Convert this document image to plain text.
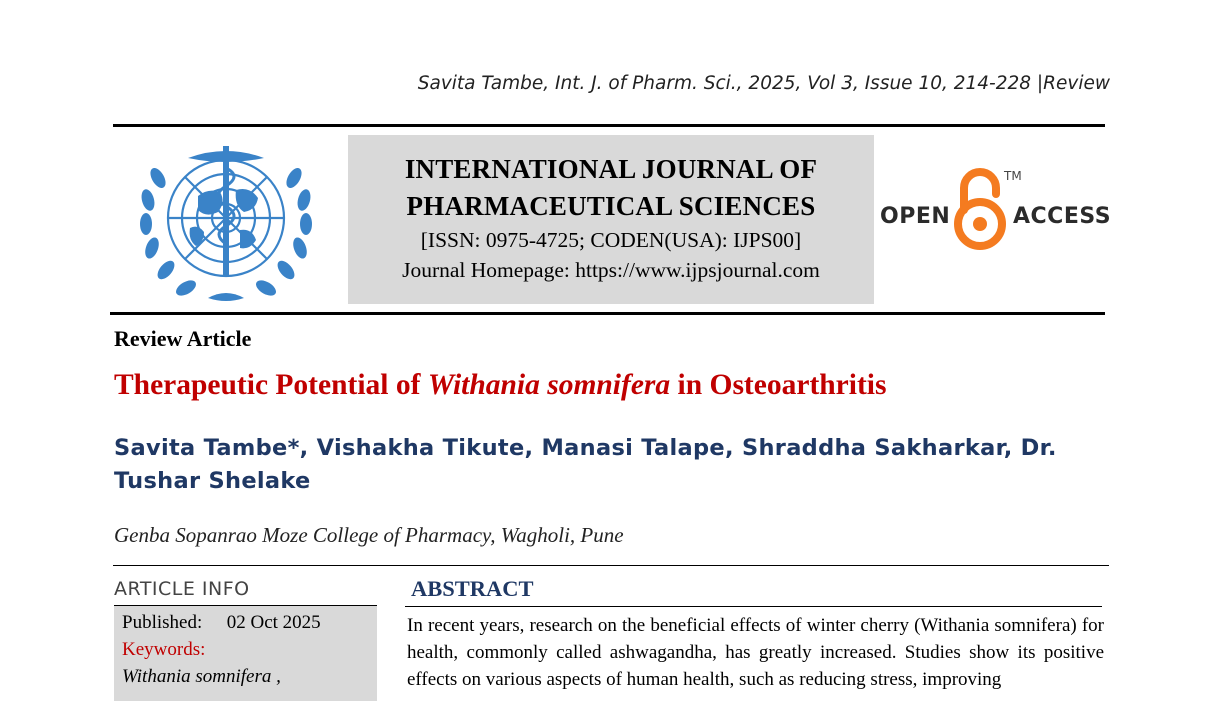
Savita Tambe, Int. J. of Pharm. Sci., 2025, Vol 3, Issue 10, 214-228 |Review
INTERNATIONAL JOURNAL OF
PHARMACEUTICAL SCIENCES
[ISSN: 0975-4725; CODEN(USA): IJPS00]
Journal Homepage: https://www.ijpsjournal.com
OPEN
TM
ACCESS
Review Article
Therapeutic Potential of Withania somnifera in Osteoarthritis
Savita Tambe*, Vishakha Tikute, Manasi Talape, Shraddha Sakharkar, Dr. Tushar Shelake
Genba Sopanrao Moze College of Pharmacy, Wagholi, Pune
ARTICLE INFO
Published: 02 Oct 2025
Keywords:
Withania somnifera ,
ABSTRACT

In recent years, research on the beneficial effects of winter cherry (Withania somnifera) for health, commonly called ashwagandha, has greatly increased. Studies show its positive effects on various aspects of human health, such as reducing stress, improving
